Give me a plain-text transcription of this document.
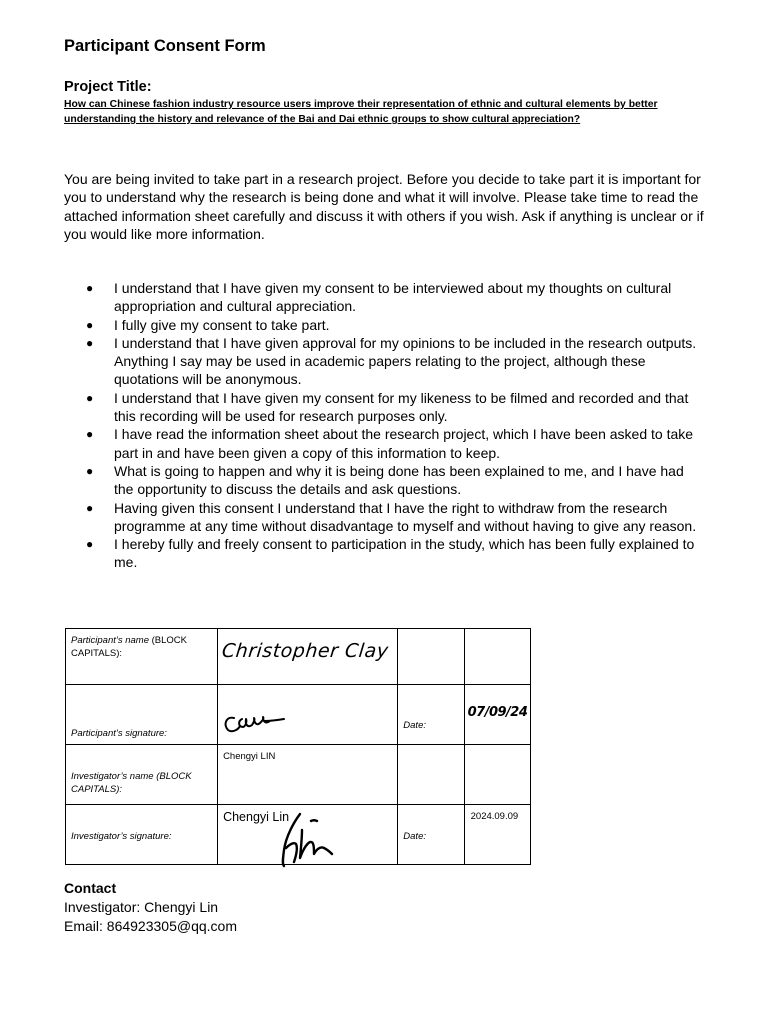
Participant Consent Form
Project Title:

How can Chinese fashion industry resource users improve their representation of ethnic and cultural elements by better understanding the history and relevance of the Bai and Dai ethnic groups to show cultural appreciation?

You are being invited to take part in a research project. Before you decide to take part it is important for you to understand why the research is being done and what it will involve. Please take time to read the attached information sheet carefully and discuss it with others if you wish. Ask if anything is unclear or if you would like more information.

● I understand that I have given my consent to be interviewed about my thoughts on cultural appropriation and cultural appreciation.
● I fully give my consent to take part.
● I understand that I have given approval for my opinions to be included in the research outputs. Anything I say may be used in academic papers relating to the project, although these quotations will be anonymous.
● I understand that I have given my consent for my likeness to be filmed and recorded and that this recording will be used for research purposes only.
● I have read the information sheet about the research project, which I have been asked to take part in and have been given a copy of this information to keep.
● What is going to happen and why it is being done has been explained to me, and I have had the opportunity to discuss the details and ask questions.
● Having given this consent I understand that I have the right to withdraw from the research programme at any time without disadvantage to myself and without having to give any reason.
● I hereby fully and freely consent to participation in the study, which has been fully explained to me.
Participant’s name (BLOCK CAPITALS):	Christopher Clay		

Participant’s signature:		Date:	07/09/24

Investigator’s name (BLOCK CAPITALS):	Chengyi LIN		

Investigator’s signature:	Chengyi Lin	Date:	2024.09.09
Contact
Investigator: Chengyi Lin
Email: 864923305@qq.com
